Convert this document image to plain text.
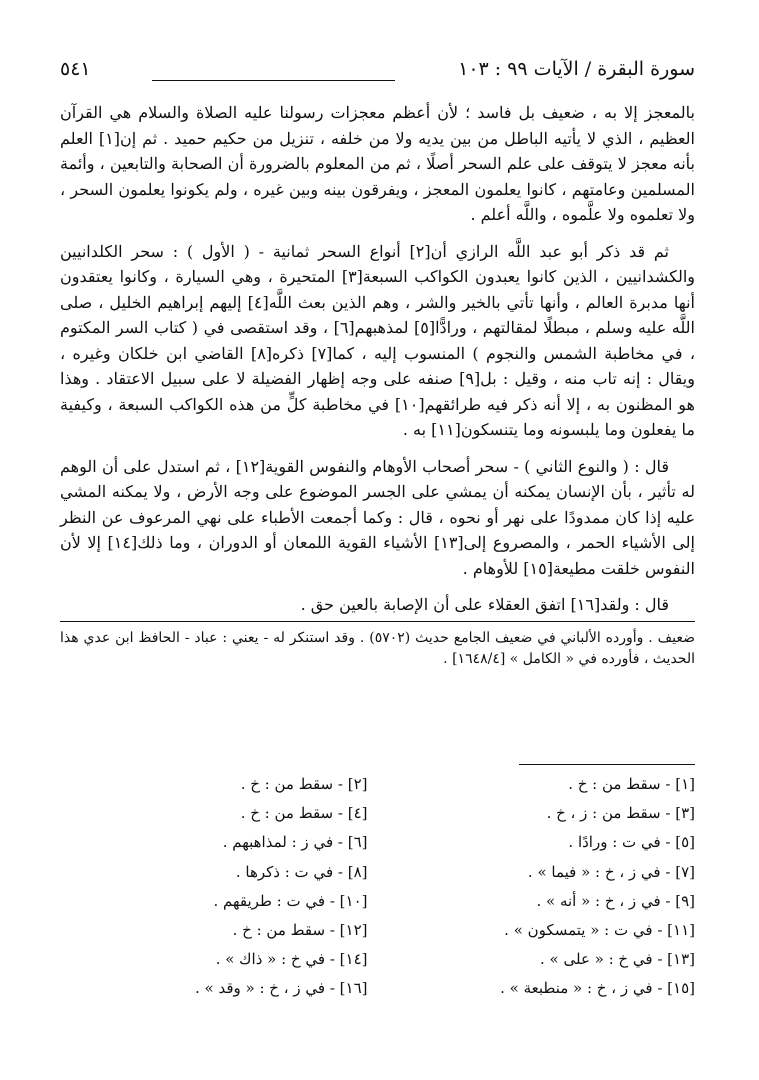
سورة البقرة / الآيات ٩٩ : ١٠٣
٥٤١

بالمعجز إلا به ، ضعيف بل فاسد ؛ لأن أعظم معجزات رسولنا عليه الصلاة والسلام هي القرآن العظيم ، الذي لا يأتيه الباطل من بين يديه ولا من خلفه ، تنزيل من حكيم حميد . ثم إن[١] العلم بأنه معجز لا يتوقف على علم السحر أصلًا ، ثم من المعلوم بالضرورة أن الصحابة والتابعين ، وأئمة المسلمين وعامتهم ، كانوا يعلمون المعجز ، ويفرقون بينه وبين غيره ، ولم يكونوا يعلمون السحر ، ولا تعلموه ولا علَّموه ، واللَّه أعلم .

ثم قد ذكر أبو عبد اللَّه الرازي أن[٢] أنواع السحر ثمانية - ( الأول ) : سحر الكلدانيين والكشدانيين ، الذين كانوا يعبدون الكواكب السبعة[٣] المتحيرة ، وهي السيارة ، وكانوا يعتقدون أنها مدبرة العالم ، وأنها تأتي بالخير والشر ، وهم الذين بعث اللَّه[٤] إليهم إبراهيم الخليل ، صلى اللَّه عليه وسلم ، مبطلًا لمقالتهم ، ورادًّا[٥] لمذهبهم[٦] ، وقد استقصى في ( كتاب السر المكتوم ، في مخاطبة الشمس والنجوم ) المنسوب إليه ، كما[٧] ذكره[٨] القاضي ابن خلكان وغيره ، ويقال : إنه تاب منه ، وقيل : بل[٩] صنفه على وجه إظهار الفضيلة لا على سبيل الاعتقاد . وهذا هو المظنون به ، إلا أنه ذكر فيه طرائقهم[١٠] في مخاطبة كلٍّ من هذه الكواكب السبعة ، وكيفية ما يفعلون وما يلبسونه وما يتنسكون[١١] به .

قال : ( والنوع الثاني ) - سحر أصحاب الأوهام والنفوس القوية[١٢] ، ثم استدل على أن الوهم له تأثير ، بأن الإنسان يمكنه أن يمشي على الجسر الموضوع على وجه الأرض ، ولا يمكنه المشي عليه إذا كان ممدودًا على نهر أو نحوه ، قال : وكما أجمعت الأطباء على نهي المرعوف عن النظر إلى الأشياء الحمر ، والمصروع إلى[١٣] الأشياء القوية اللمعان أو الدوران ، وما ذلك[١٤] إلا لأن النفوس خلقت مطيعة[١٥] للأوهام .

قال : ولقد[١٦] اتفق العقلاء على أن الإصابة بالعين حق .

ضعيف . وأورده الألباني في ضعيف الجامع حديث (٥٧٠٢) . وقد استنكر له - يعني : عباد - الحافظ ابن عدي هذا الحديث ، فأورده في « الكامل » [١٦٤٨/٤] .

[١] - سقط من : خ .
[٢] - سقط من : خ .
[٣] - سقط من : ز ، خ .
[٤] - سقط من : خ .
[٥] - في ت : ورادًا .
[٦] - في ز : لمذاهبهم .
[٧] - في ز ، خ : « فيما » .
[٨] - في ت : ذكرها .
[٩] - في ز ، خ : « أنه » .
[١٠] - في ت : طريقهم .
[١١] - في ت : « يتمسكون » .
[١٢] - سقط من : خ .
[١٣] - في خ : « على » .
[١٤] - في خ : « ذاك » .
[١٥] - في ز ، خ : « منطبعة » .
[١٦] - في ز ، خ : « وقد » .
